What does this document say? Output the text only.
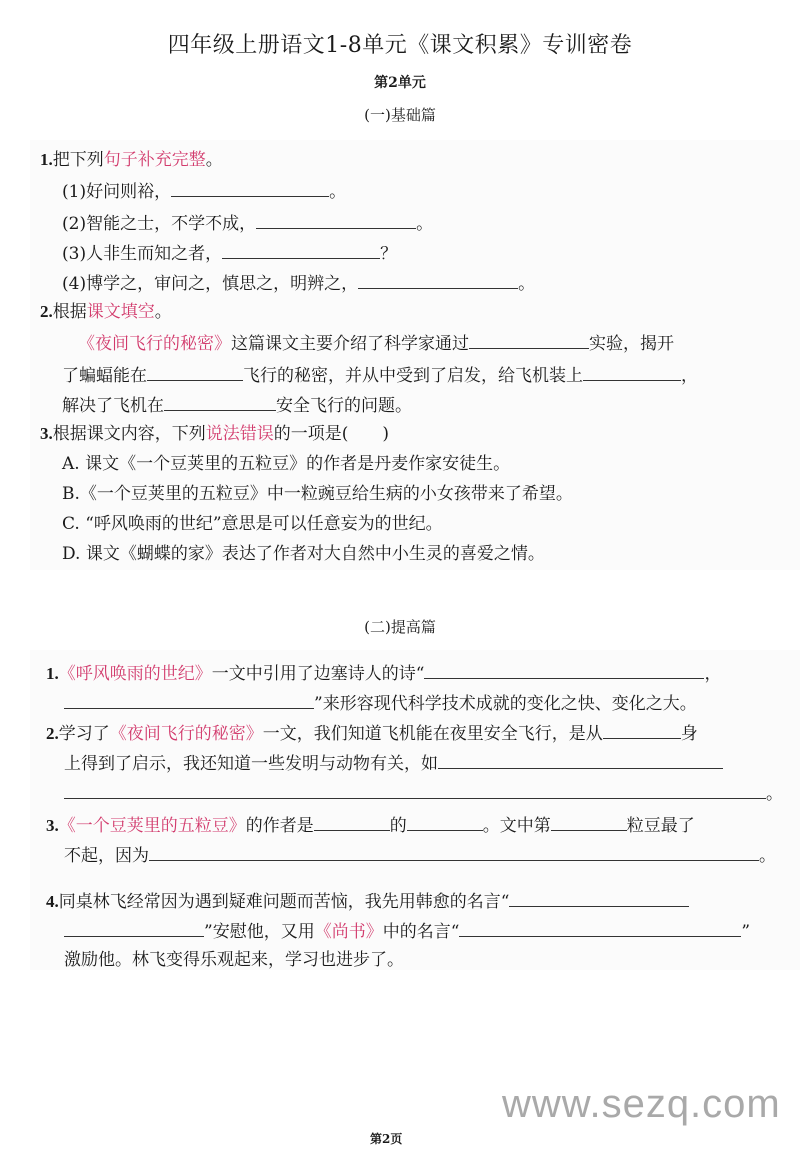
四年级上册语文1-8单元《课文积累》专训密卷
第2单元
(一)基础篇
1.把下列句子补充完整。
(1)好问则裕，	。
(2)智能之士，不学不成，	。
(3)人非生而知之者，	？
(4)博学之，审问之，慎思之，明辨之，	。
2.根据课文填空。
《夜间飞行的秘密》这篇课文主要介绍了科学家通过	实验，揭开
了蝙蝠能在	飞行的秘密，并从中受到了启发，给飞机装上	，
解决了飞机在	安全飞行的问题。
3.根据课文内容，下列说法错误的一项是(　　)
A. 课文《一个豆荚里的五粒豆》的作者是丹麦作家安徒生。
B.《一个豆荚里的五粒豆》中一粒豌豆给生病的小女孩带来了希望。
C. “呼风唤雨的世纪”意思是可以任意妄为的世纪。
D. 课文《蝴蝶的家》表达了作者对大自然中小生灵的喜爱之情。
(二)提高篇
1.《呼风唤雨的世纪》一文中引用了边塞诗人的诗“	，
”来形容现代科学技术成就的变化之快、变化之大。
2.学习了《夜间飞行的秘密》一文，我们知道飞机能在夜里安全飞行，是从	身
上得到了启示，我还知道一些发明与动物有关，如
。
3.《一个豆荚里的五粒豆》的作者是	的	。文中第	粒豆最了
不起，因为	。
4.同桌林飞经常因为遇到疑难问题而苦恼，我先用韩愈的名言“
”安慰他，又用《尚书》中的名言“	”
激励他。林飞变得乐观起来，学习也进步了。
www.sezq.com
第2页
